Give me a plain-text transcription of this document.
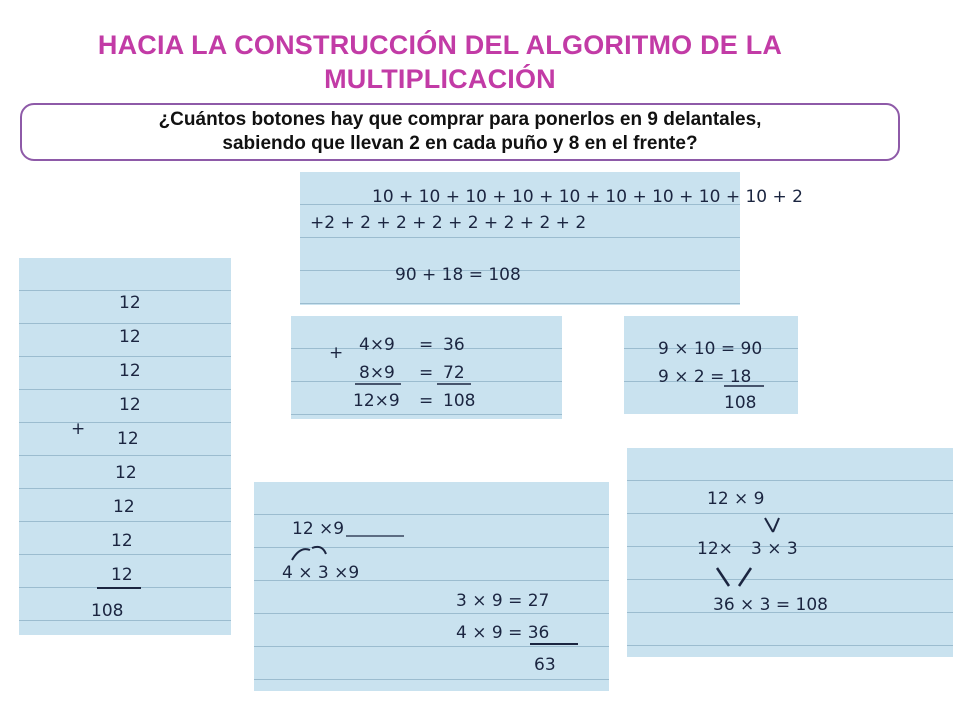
HACIA LA CONSTRUCCIÓN DEL ALGORITMO DE LA
MULTIPLICACIÓN
¿Cuántos botones hay que comprar para ponerlos en 9 delantales,
sabiendo que llevan 2 en cada puño y 8 en el frente?
10 + 10 + 10 + 10 + 10 + 10 + 10 + 10 + 10 + 2
+2 + 2 + 2 + 2 + 2 + 2 + 2 + 2
90 + 18 = 108
12
12
12
12
12
12
12
12
12
+
108
+ 4×9 = 36
8×9 = 72
12×9 = 108
9 × 10 = 90
9 × 2 = 18
108
12 ×9
4 × 3 ×9
3 × 9 = 27
4 × 9 = 36
63
12 × 9
12× 3 × 3
36 × 3 = 108
